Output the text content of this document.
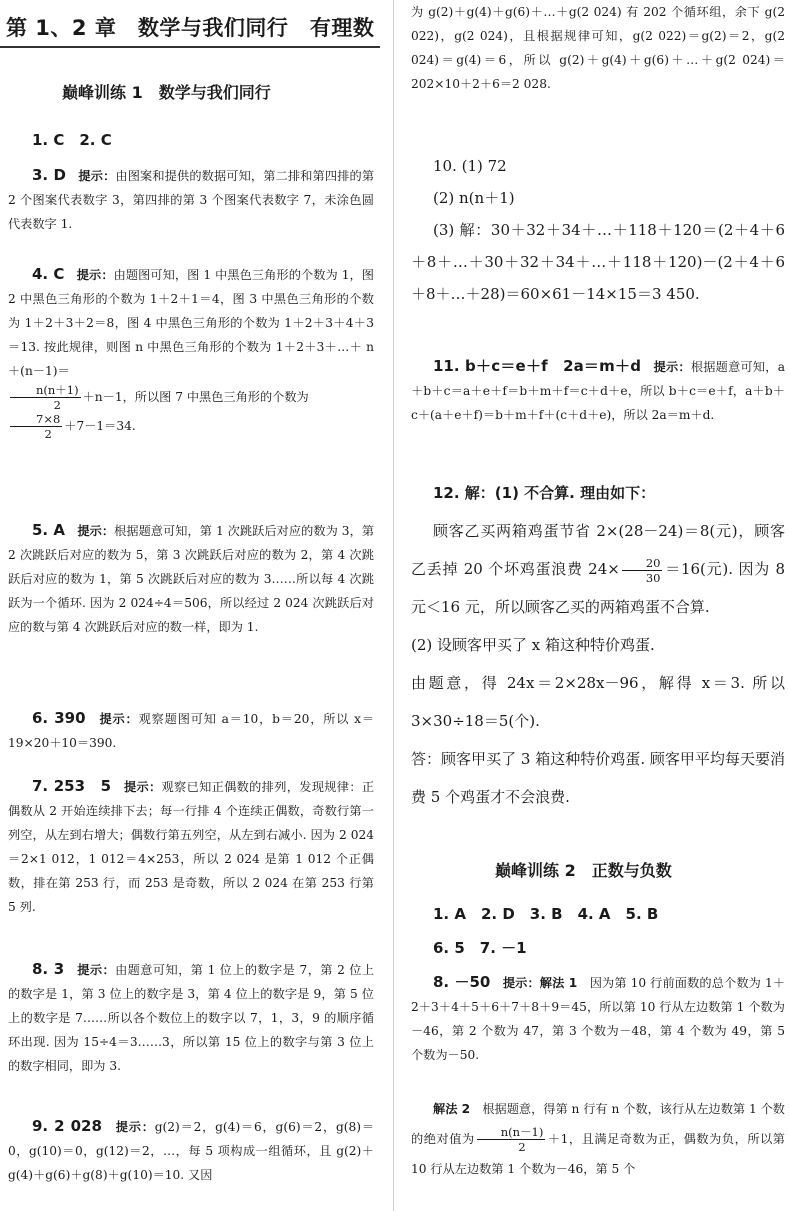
第 1、2 章　数学与我们同行　有理数
巅峰训练 1　数学与我们同行
1. C　2. C
3. D　 提示：由图案和提供的数据可知，第二排和第四排的第 2 个图案代表数字 3，第四排的第 3 个图案代表数字 7，未涂色圆代表数字 1.
4. C　 提示：由题图可知，图 1 中黑色三角形的个数为 1，图 2 中黑色三角形的个数为 1＋2＋1＝4，图 3 中黑色三角形的个数为 1＋2＋3＋2＝8，图 4 中黑色三角形的个数为 1＋2＋3＋4＋3＝13. 按此规律，则图 n 中黑色三角形的个数为 1＋2＋3＋…＋ n＋(n－1)＝

$\frac{n(n+1)}{2} +n-1$，所以图 7 中黑色三角形的个数为

$\frac{7\times 8}{2} +7-1=34$.
5. A　 提示：根据题意可知，第 1 次跳跃后对应的数为 3，第 2 次跳跃后对应的数为 5，第 3 次跳跃后对应的数为 2，第 4 次跳跃后对应的数为 1，第 5 次跳跃后对应的数为 3……所以每 4 次跳跃为一个循环. 因为 2 024÷4＝506，所以经过 2 024 次跳跃后对应的数与第 4 次跳跃后对应的数一样，即为 1.
6. 390　 提示：观察题图可知 a＝10，b＝20，所以 x＝19×20＋10＝390.
7. 253　5　 提示：观察已知正偶数的排列，发现规律：正偶数从 2 开始连续排下去；每一行排 4 个连续正偶数，奇数行第一列空，从左到右增大；偶数行第五列空，从左到右减小. 因为 2 024＝2×1 012，1 012＝4×253，所以 2 024 是第 1 012 个正偶数，排在第 253 行，而 253 是奇数，所以 2 024 在第 253 行第 5 列.
8. 3　 提示：由题意可知，第 1 位上的数字是 7，第 2 位上的数字是 1，第 3 位上的数字是 3，第 4 位上的数字是 9，第 5 位上的数字是 7……所以各个数位上的数字以 7，1，3，9 的顺序循环出现. 因为 15÷4＝3……3，所以第 15 位上的数字与第 3 位上的数字相同，即为 3.
9. 2 028　 提示：g(2)＝2，g(4)＝6，g(6)＝2，g(8)＝0，g(10)＝0，g(12)＝2，…，每 5 项构成一组循环，且 g(2)＋g(4)＋g(6)＋g(8)＋g(10)＝10. 又因
为 g(2)＋g(4)＋g(6)＋…＋g(2 024) 有 202 个循环组，余下 g(2 022)，g(2 024)，且根据规律可知，g(2 022)＝g(2)＝2，g(2 024)＝g(4)＝6，所以 g(2)＋g(4)＋g(6)＋…＋g(2 024)＝202×10＋2＋6＝2 028.
10. (1) 72
(2) n(n＋1)
(3) 解：30＋32＋34＋…＋118＋120＝(2＋4＋6＋8＋…＋30＋32＋34＋…＋118＋120)－(2＋4＋6＋8＋…＋28)＝60×61－14×15＝3 450.
11. b＋c＝e＋f　2a＝m＋d　 提示：根据题意可知，a＋b＋c＝a＋e＋f＝b＋m＋f＝c＋d＋e，所以 b＋c＝e＋f，a＋b＋c＋(a＋e＋f)＝b＋m＋f＋(c＋d＋e)，所以 2a＝m＋d.
12. 解：(1) 不合算. 理由如下：
顾客乙买两箱鸡蛋节省 2×(28－24)＝8(元)，顾客乙丢掉 20 个坏鸡蛋浪费 $24\times \frac{20}{30} =16$(元). 因为 8 元＜16 元，所以顾客乙买的两箱鸡蛋不合算.
(2) 设顾客甲买了 x 箱这种特价鸡蛋.
由题意，得 24x＝2×28x－96，解得 x＝3. 所以 3×30÷18＝5(个).
答：顾客甲买了 3 箱这种特价鸡蛋. 顾客甲平均每天要消费 5 个鸡蛋才不会浪费.
巅峰训练 2　正数与负数
1. A　2. D　3. B　4. A　5. B
6. 5　7. －1
8. －50　 提示：解法 1　 因为第 10 行前面数的总个数为 1＋2＋3＋4＋5＋6＋7＋8＋9＝45，所以第 10 行从左边数第 1 个数为－46，第 2 个数为 47，第 3 个数为－48，第 4 个数为 49，第 5 个数为－50.
解法 2　 根据题意，得第 n 行有 n 个数，该行从左边数第 1 个数的绝对值为 $\frac{n(n-1)}{2} +1$，且满足奇数为正，偶数为负，所以第 10 行从左边数第 1 个数为－46，第 5 个
